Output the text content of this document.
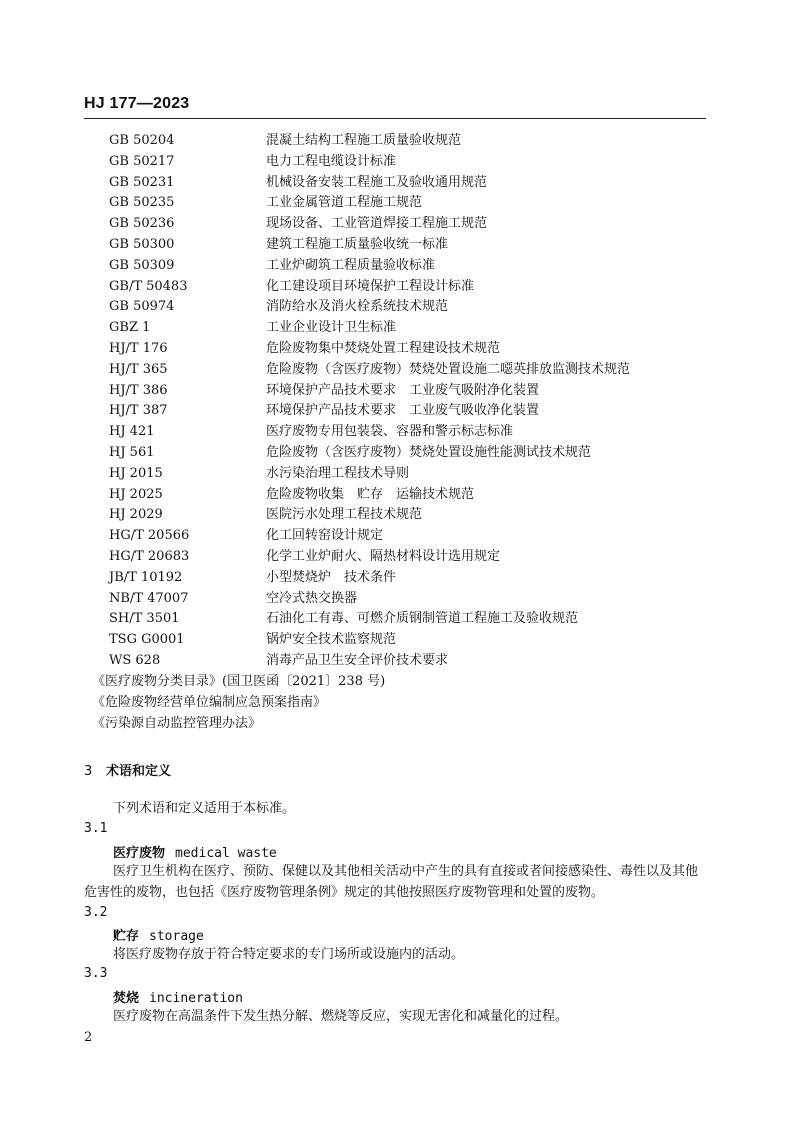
HJ 177—2023
GB 50204	混凝土结构工程施工质量验收规范
GB 50217	电力工程电缆设计标准
GB 50231	机械设备安装工程施工及验收通用规范
GB 50235	工业金属管道工程施工规范
GB 50236	现场设备、工业管道焊接工程施工规范
GB 50300	建筑工程施工质量验收统一标准
GB 50309	工业炉砌筑工程质量验收标准
GB/T 50483	化工建设项目环境保护工程设计标准
GB 50974	消防给水及消火栓系统技术规范
GBZ 1	工业企业设计卫生标准
HJ/T 176	危险废物集中焚烧处置工程建设技术规范
HJ/T 365	危险废物（含医疗废物）焚烧处置设施二噁英排放监测技术规范
HJ/T 386	环境保护产品技术要求　工业废气吸附净化装置
HJ/T 387	环境保护产品技术要求　工业废气吸收净化装置
HJ 421	医疗废物专用包装袋、容器和警示标志标准
HJ 561	危险废物（含医疗废物）焚烧处置设施性能测试技术规范
HJ 2015	水污染治理工程技术导则
HJ 2025	危险废物收集　贮存　运输技术规范
HJ 2029	医院污水处理工程技术规范
HG/T 20566	化工回转窑设计规定
HG/T 20683	化学工业炉耐火、隔热材料设计选用规定
JB/T 10192	小型焚烧炉　技术条件
NB/T 47007	空冷式热交换器
SH/T 3501	石油化工有毒、可燃介质钢制管道工程施工及验收规范
TSG G0001	锅炉安全技术监察规范
WS 628	消毒产品卫生安全评价技术要求
《医疗废物分类目录》(国卫医函〔2021〕238 号)
《危险废物经营单位编制应急预案指南》
《污染源自动监控管理办法》
3 术语和定义
下列术语和定义适用于本标准。
3.1
医疗废物 medical waste
医疗卫生机构在医疗、预防、保健以及其他相关活动中产生的具有直接或者间接感染性、毒性以及其他危害性的废物，也包括《医疗废物管理条例》规定的其他按照医疗废物管理和处置的废物。
3.2
贮存 storage
将医疗废物存放于符合特定要求的专门场所或设施内的活动。
3.3
焚烧 incineration
医疗废物在高温条件下发生热分解、燃烧等反应，实现无害化和减量化的过程。
2
